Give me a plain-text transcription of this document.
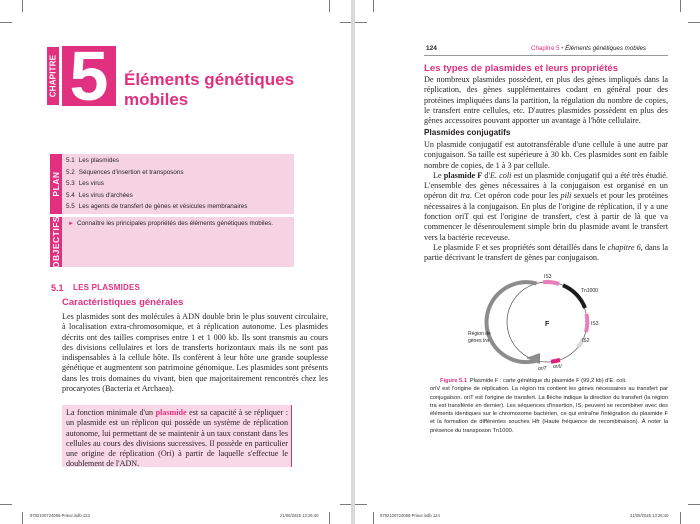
CHAPITRE 5 Éléments génétiques
mobiles
PLAN
5.1 Les plasmides
5.2 Séquences d'insertion et transposons
5.3 Les virus
5.4 Les virus d'archées
5.5 Les agents de transfert de gènes et vésicules membranaires
OBJECTIFS ► Connaître les principales propriétés des éléments génétiques mobiles.
5.1 LES PLASMIDES
Caractéristiques générales
Les plasmides sont des molécules à ADN double brin le plus souvent circulaire, à localisation extra-chromosomique, et à réplication autonome. Les plasmides décrits ont des tailles comprises entre 1 et 1 000 kb. Ils sont transmis au cours des divisions cellulaires et lors de transferts horizontaux mais ils ne sont pas indispensables à la cellule hôte. Ils confèrent à leur hôte une grande souplesse génétique et augmentent son patrimoine génomique. Les plasmides sont présents dans les trois domaines du vivant, bien que majoritairement rencontrés chez les procaryotes (Bacteria et Archaea).
La fonction minimale d'un plasmide est sa capacité à se répliquer : un plasmide est un réplicon qui possède un système de réplication autonome, lui permettant de se maintenir à un taux constant dans les cellules au cours des divisions successives. Il possède en particulier une origine de réplication (Ori) à partir de laquelle s'effectue le doublement de l'ADN.
9782100724086-Prieur.indb 123	21/05/2025 13:26:40
124	Chapitre 5 • Éléments génétiques mobiles
Les types de plasmides et leurs propriétés
De nombreux plasmides possèdent, en plus des gènes impliqués dans la réplication, des gènes supplémentaires codant en général pour des protéines impliquées dans la partition, la régulation du nombre de copies, le transfert entre cellules, etc. D'autres plasmides possèdent en plus des gènes accessoires pouvant apporter un avantage à l'hôte cellulaire.
Plasmides conjugatifs
Un plasmide conjugatif est autotransférable d'une cellule à une autre par conjugaison. Sa taille est supérieure à 30 kb. Ces plasmides sont en faible nombre de copies, de 1 à 3 par cellule.
Le plasmide F d'E. coli est un plasmide conjugatif qui a été très étudié. L'ensemble des gènes nécessaires à la conjugaison est organisé en un opéron dit tra. Cet opéron code pour les pili sexuels et pour les protéines nécessaires à la conjugaison. En plus de l'origine de réplication, il y a une fonction oriT qui est l'origine de transfert, c'est à partir de là que va commencer le désenroulement simple brin du plasmide avant le transfert vers la bactérie receveuse.
Le plasmide F et ses propriétés sont détaillés dans le chapitre 6, dans la partie décrivant le transfert de gènes par conjugaison.
F
IS3
Tn1000
IS3
IS2
oriV
oriT
Région de
gènes tra
Figure 5.1 Plasmide F : carte génétique du plasmide F (99,2 kb) d'E. coli.
oriV est l'origine de réplication. La région tra contient les gènes nécessaires au transfert par conjugaison. oriT est l'origine de transfert. La flèche indique la direction du transfert (la région tra est transférée en dernier). Les séquences d'insertion, IS, peuvent se recombiner avec des éléments identiques sur le chromosome bactérien, ce qui entraîne l'intégration du plasmide F et la formation de différentes souches Hfr (Haute fréquence de recombinaison). À noter la présence du transposon Tn1000.
9782100724086-Prieur.indb 124	21/05/2025 13:26:40
